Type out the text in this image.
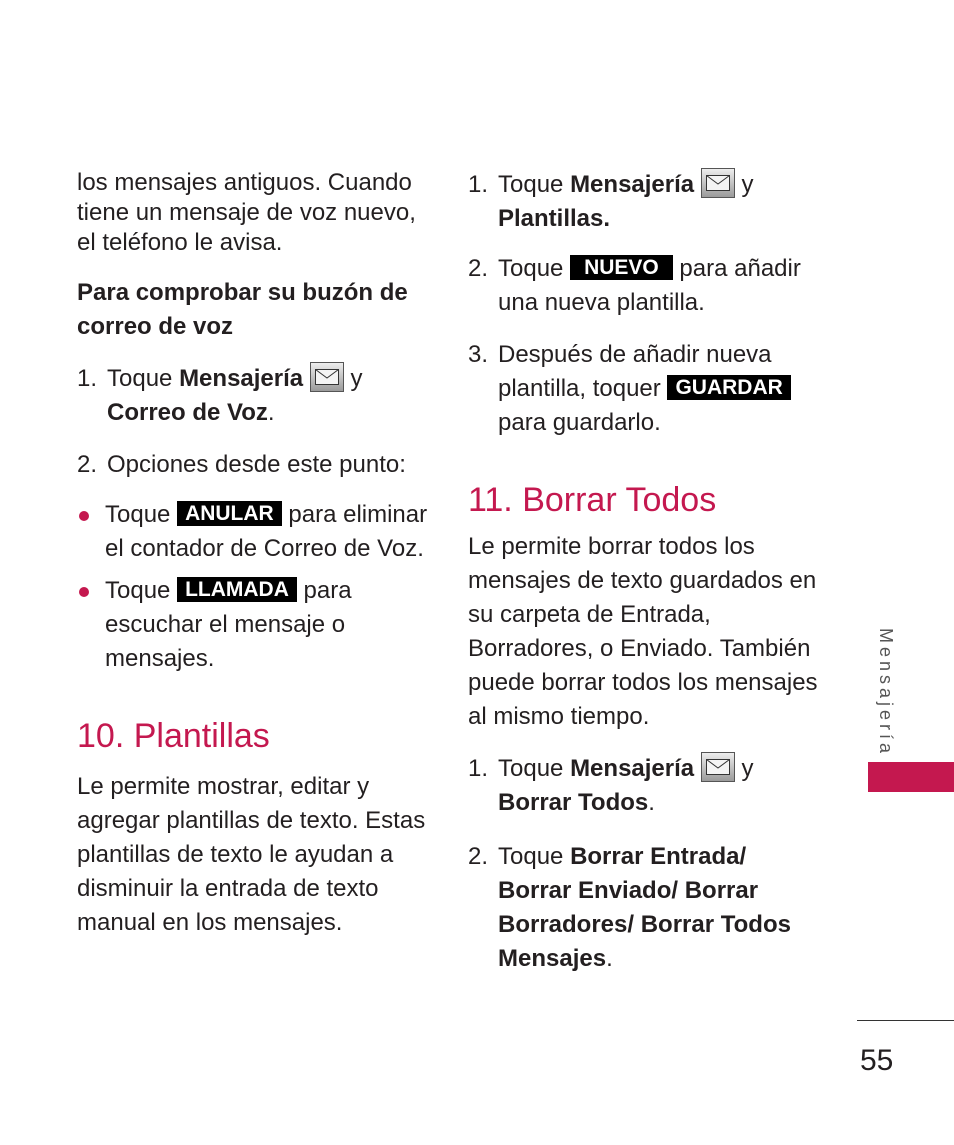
los mensajes antiguos. Cuando tiene un mensaje de voz nuevo, el teléfono le avisa.

Para comprobar su buzón de correo de voz

1. Toque Mensajería y
Correo de Voz.
2. Opciones desde este punto:
Toque ANULAR para eliminar el contador de Correo de Voz.
Toque LLAMADA para escuchar el mensaje o mensajes.
10. Plantillas

Le permite mostrar, editar y agregar plantillas de texto. Estas plantillas de texto le ayudan a disminuir la entrada de texto manual en los mensajes.

1. Toque Mensajería y
Plantillas.
2. Toque NUEVO para añadir una nueva plantilla.
3. Después de añadir nueva plantilla, toquer GUARDAR para guardarlo.
11. Borrar Todos

Le permite borrar todos los mensajes de texto guardados en su carpeta de Entrada, Borradores, o Enviado. También puede borrar todos los mensajes al mismo tiempo.

1. Toque Mensajería y
Borrar Todos.
2. Toque Borrar Entrada/ Borrar Enviado/ Borrar Borradores/ Borrar Todos Mensajes.
Mensajería
55
